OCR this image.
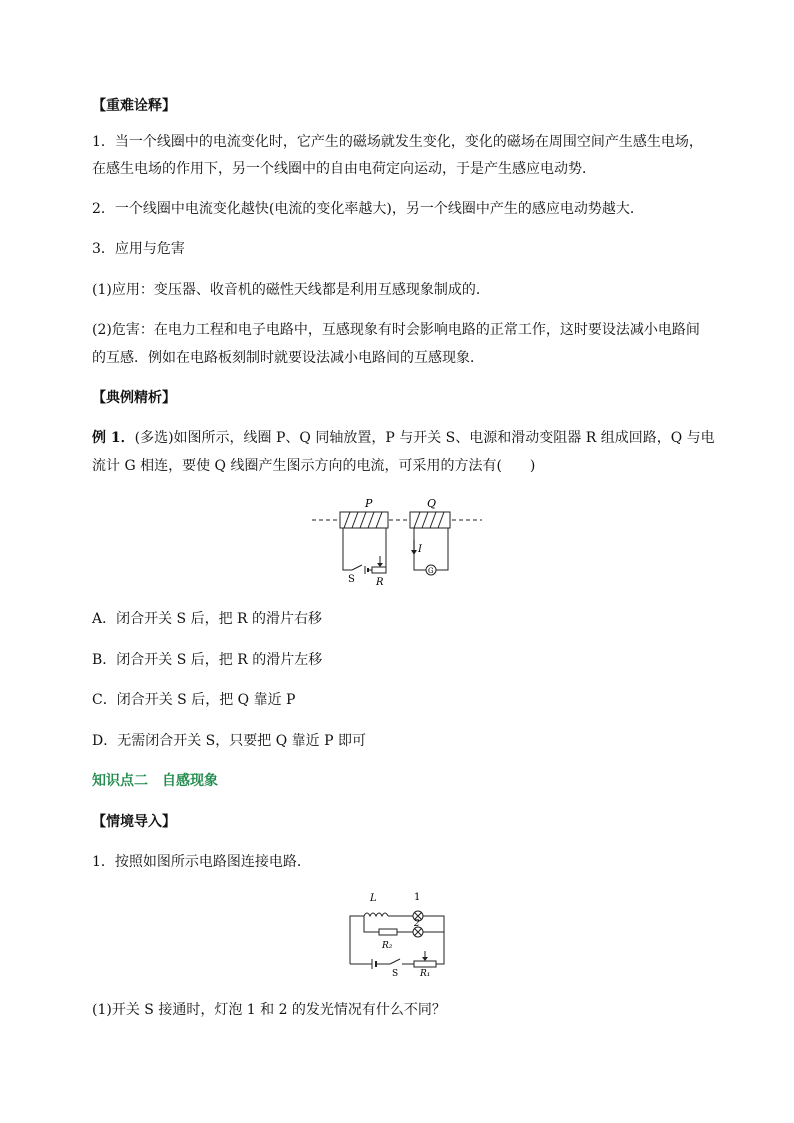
【重难诠释】
1．当一个线圈中的电流变化时，它产生的磁场就发生变化，变化的磁场在周围空间产生感生电场，
在感生电场的作用下，另一个线圈中的自由电荷定向运动，于是产生感应电动势．
2．一个线圈中电流变化越快(电流的变化率越大)，另一个线圈中产生的感应电动势越大．
3．应用与危害
(1)应用：变压器、收音机的磁性天线都是利用互感现象制成的．
(2)危害：在电力工程和电子电路中，互感现象有时会影响电路的正常工作，这时要设法减小电路间
的互感．例如在电路板刻制时就要设法减小电路间的互感现象．
【典例精析】
例 1．(多选)如图所示，线圈 P、Q 同轴放置，P 与开关 S、电源和滑动变阻器 R 组成回路，Q 与电
流计 G 相连，要使 Q 线圈产生图示方向的电流，可采用的方法有(　　)
P	Q
S R
G
I
A．闭合开关 S 后，把 R 的滑片右移
B．闭合开关 S 后，把 R 的滑片左移
C．闭合开关 S 后，把 Q 靠近 P
D．无需闭合开关 S，只要把 Q 靠近 P 即可
知识点二　自感现象
【情境导入】
1．按照如图所示电路图连接电路．
L	1
2
R₂
S R₁
(1)开关 S 接通时，灯泡 1 和 2 的发光情况有什么不同？
